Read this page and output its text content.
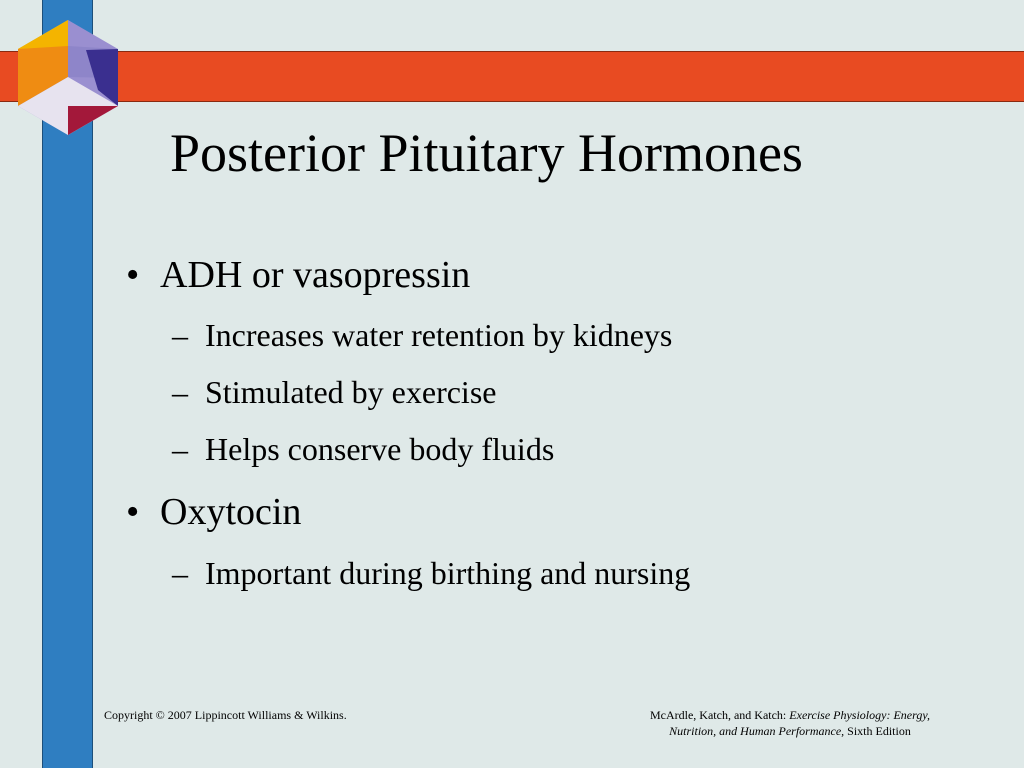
Posterior Pituitary Hormones
• ADH or vasopressin
– Increases water retention by kidneys
– Stimulated by exercise
– Helps conserve body fluids
• Oxytocin
– Important during birthing and nursing
Copyright © 2007 Lippincott Williams & Wilkins.	McArdle, Katch, and Katch: Exercise Physiology: Energy,
Nutrition, and Human Performance, Sixth Edition
